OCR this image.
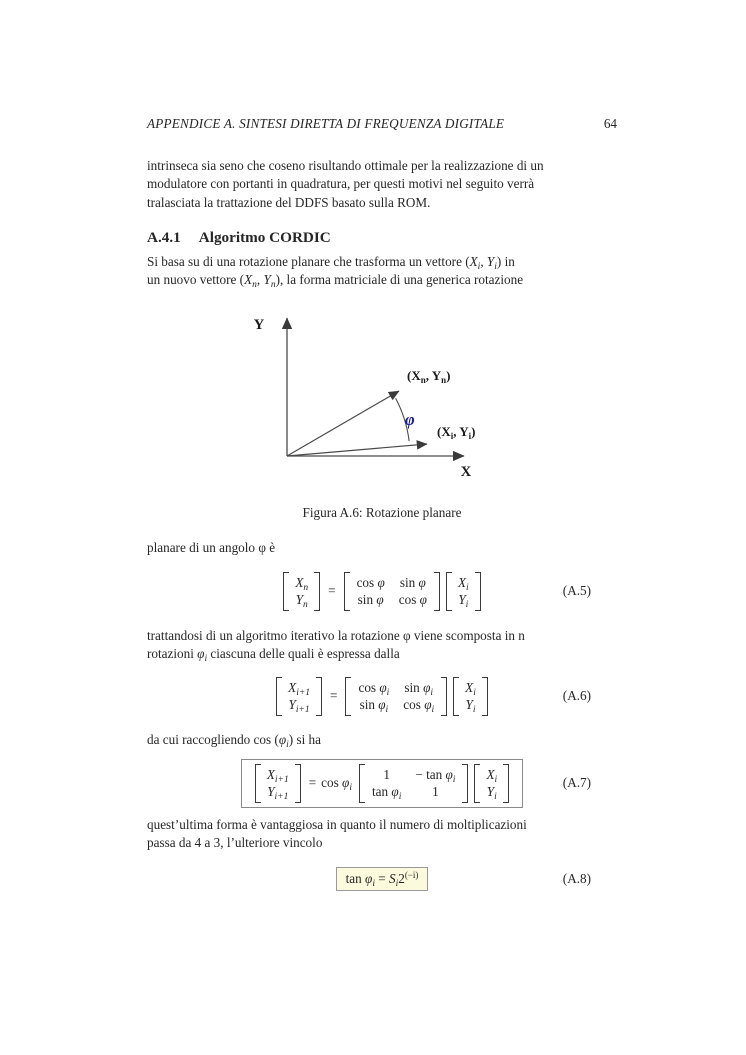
APPENDICE A. SINTESI DIRETTA DI FREQUENZA DIGITALE	64
intrinseca sia seno che coseno risultando ottimale per la realizzazione di un
modulatore con portanti in quadratura, per questi motivi nel seguito verrà
tralasciata la trattazione del DDFS basato sulla ROM.
A.4.1 Algoritmo CORDIC
Si basa su di una rotazione planare che trasforma un vettore ($X_i$, $Y_i$) in
un nuovo vettore ($X_n$, $Y_n$), la forma matriciale di una generica rotazione
Y
X
φ
($X_n$, $Y_n$)
($X_i$, $Y_i$)
Figura A.6: Rotazione planare
planare di un angolo φ è
$X_n$
$Y_n$
=
cos φ sin φ
sin φ cos φ
$X_i$
$Y_i$
(A.5)
trattandosi di un algoritmo iterativo la rotazione φ viene scomposta in n
rotazioni $\varphi_i$ ciascuna delle quali è espressa dalla
$X_{i+1}$
$Y_{i+1}$
=
$\cos \varphi_i$ $\sin \varphi_i$
$\sin \varphi_i$ $\cos \varphi_i$
$X_i$
$Y_i$
(A.6)
da cui raccogliendo $\cos (\varphi_i)$ si ha
$X_{i+1}$
$Y_{i+1}$
= $\cos \varphi_i$
$1 - \tan \varphi_i$
$\tan \varphi_i$ 1
$X_i$
$Y_i$
(A.7)
quest’ultima forma è vantaggiosa in quanto il numero di moltiplicazioni
passa da 4 a 3, l’ulteriore vincolo
$\tan \varphi_i = S_i2^{(-i)}$	(A.8)
